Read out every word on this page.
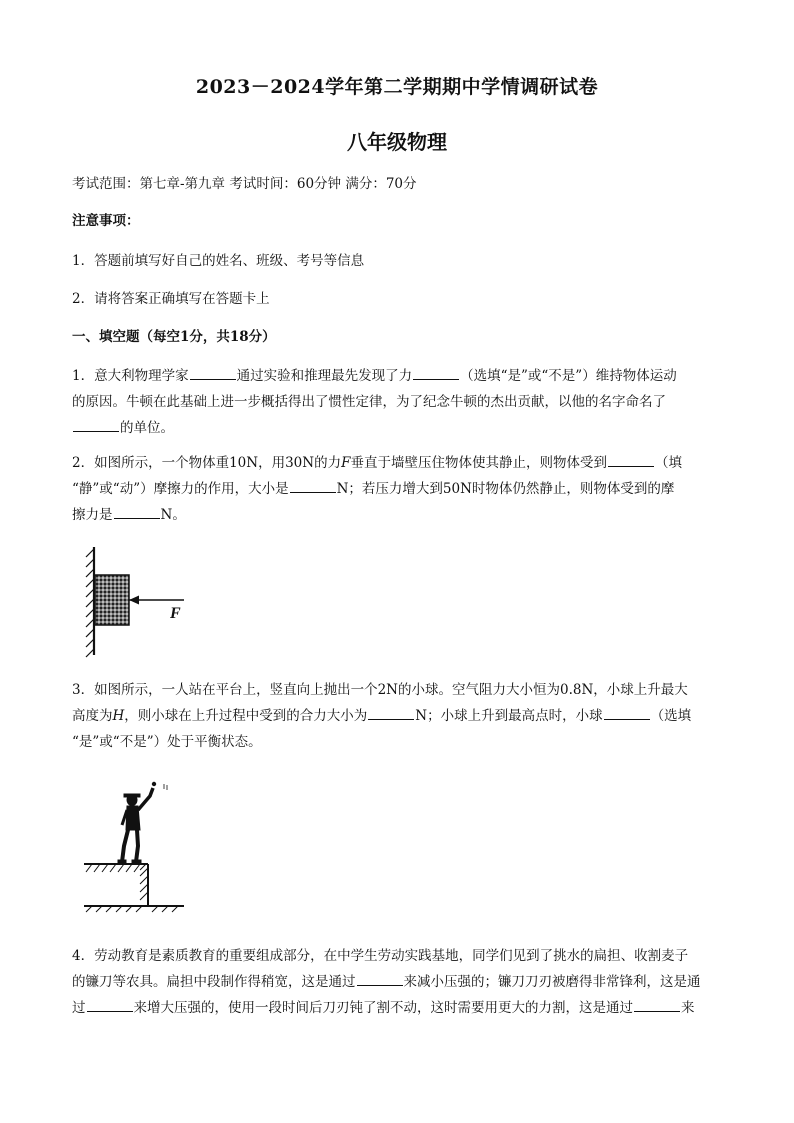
2023－2024学年第二学期期中学情调研试卷
八年级物理
考试范围：第七章-第九章 考试时间：60分钟 满分：70分
注意事项：
1．答题前填写好自己的姓名、班级、考号等信息
2．请将答案正确填写在答题卡上
一、填空题（每空1分，共18分）

1．意大利物理学家	通过实验和推理最先发现了力	（选填“是”或“不是”）维持物体运动

的原因。牛顿在此基础上进一步概括得出了惯性定律，为了纪念牛顿的杰出贡献，以他的名字命名了

的单位。

2．如图所示，一个物体重10N，用30N的力F垂直于墙壁压住物体使其静止，则物体受到	（填

“静”或“动”）摩擦力的作用，大小是	N；若压力增大到50N时物体仍然静止，则物体受到的摩

擦力是	N。

F

3．如图所示，一人站在平台上，竖直向上抛出一个2N的小球。空气阻力大小恒为0.8N，小球上升最大

高度为H，则小球在上升过程中受到的合力大小为	N；小球上升到最高点时，小球	（选填

“是”或“不是”）处于平衡状态。

4．劳动教育是素质教育的重要组成部分，在中学生劳动实践基地，同学们见到了挑水的扁担、收割麦子

的镰刀等农具。扁担中段制作得稍宽，这是通过	来减小压强的；镰刀刀刃被磨得非常锋利，这是通

过	来增大压强的，使用一段时间后刀刃钝了割不动，这时需要用更大的力割，这是通过	来
